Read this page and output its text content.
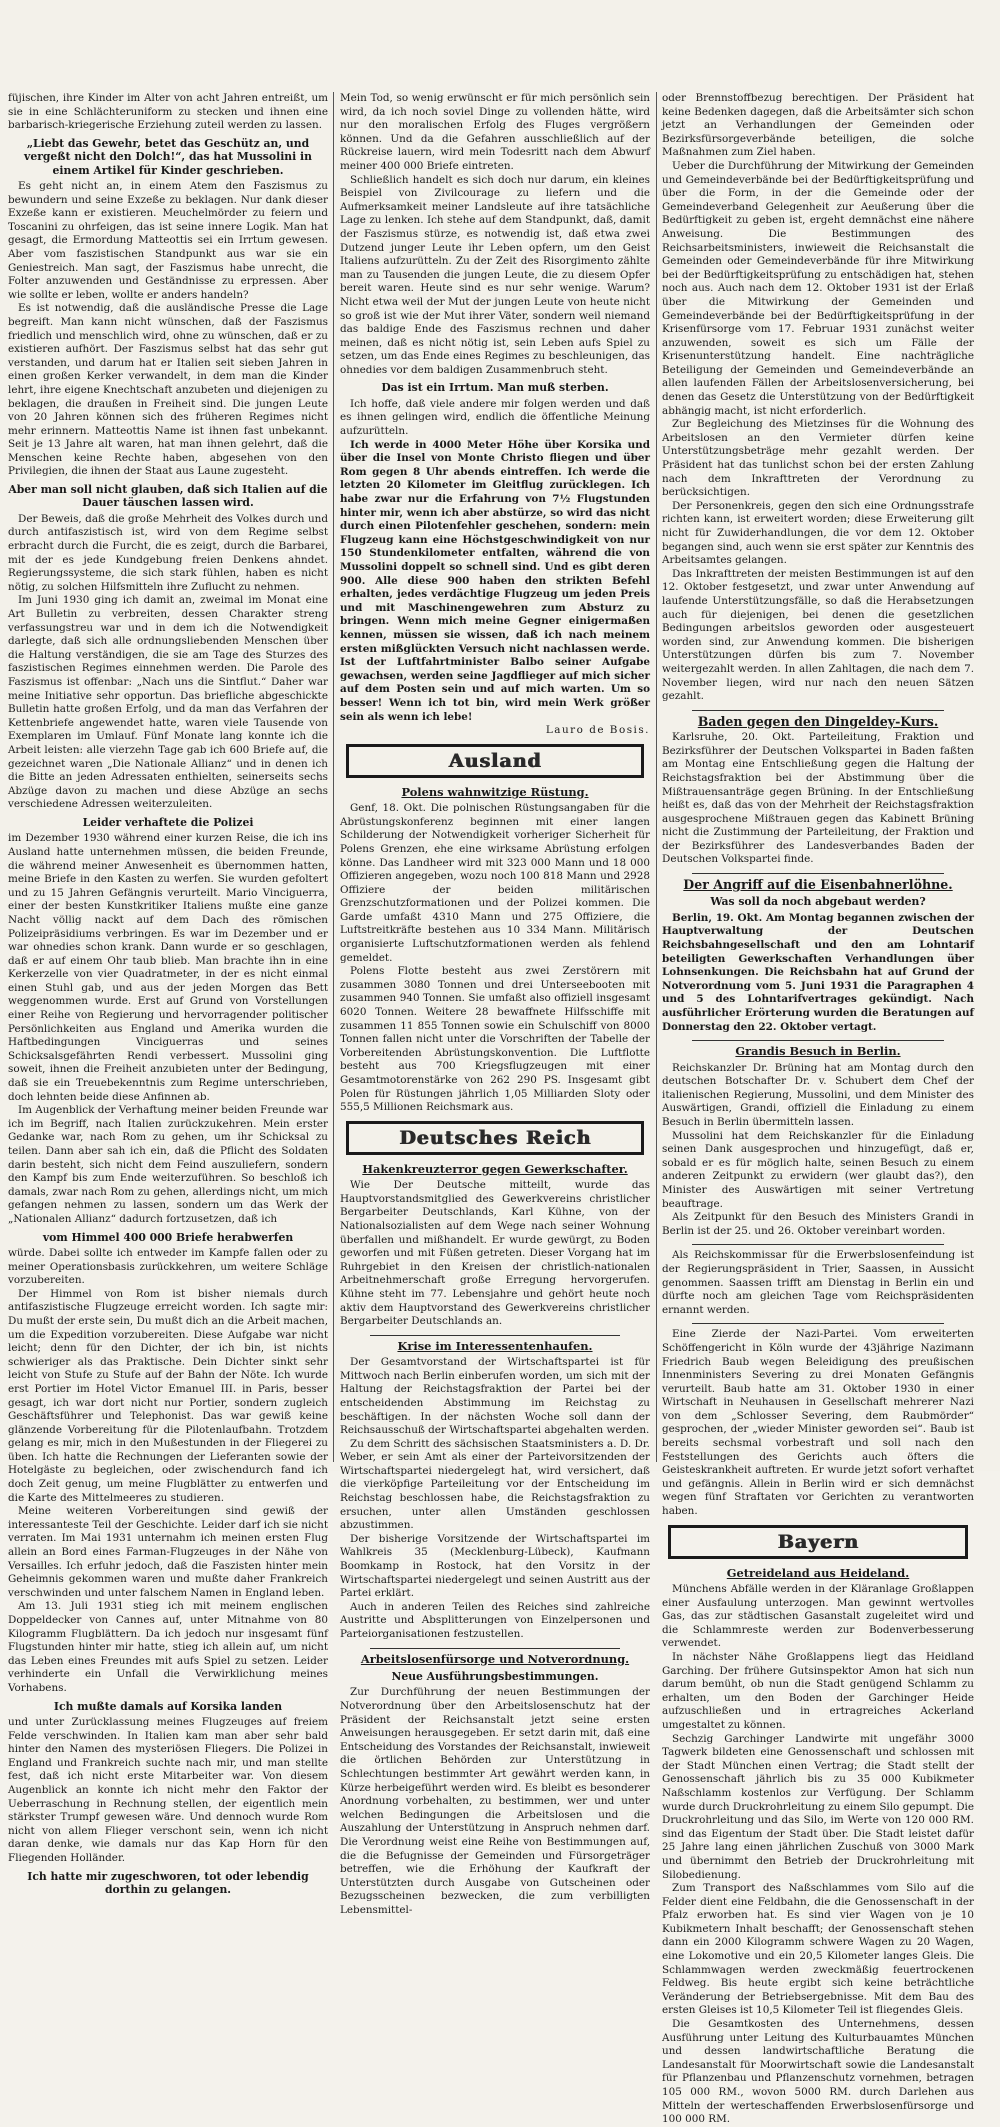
füjischen, ihre Kinder im Alter von acht Jahren entreißt, um sie in eine Schlächteruniform zu stecken und ihnen eine barbarisch-kriegerische Erziehung zuteil werden zu lassen.

„Liebt das Gewehr, betet das Geschütz an, und vergeßt nicht den Dolch!“, das hat Mussolini in einem Artikel für Kinder geschrieben.

Es geht nicht an, in einem Atem den Faszismus zu bewundern und seine Exzeße zu beklagen. Nur dank dieser Exzeße kann er existieren. Meuchelmörder zu feiern und Toscanini zu ohrfeigen, das ist seine innere Logik. Man hat gesagt, die Ermordung Matteottis sei ein Irrtum gewesen. Aber vom faszistischen Standpunkt aus war sie ein Geniestreich. Man sagt, der Faszismus habe unrecht, die Folter anzuwenden und Geständnisse zu erpressen. Aber wie sollte er leben, wollte er anders handeln?

Es ist notwendig, daß die ausländische Presse die Lage begreift. Man kann nicht wünschen, daß der Faszismus friedlich und menschlich wird, ohne zu wünschen, daß er zu existieren aufhört. Der Faszismus selbst hat das sehr gut verstanden, und darum hat er Italien seit sieben Jahren in einen großen Kerker verwandelt, in dem man die Kinder lehrt, ihre eigene Knechtschaft anzubeten und diejenigen zu beklagen, die draußen in Freiheit sind. Die jungen Leute von 20 Jahren können sich des früheren Regimes nicht mehr erinnern. Matteottis Name ist ihnen fast unbekannt. Seit je 13 Jahre alt waren, hat man ihnen gelehrt, daß die Menschen keine Rechte haben, abgesehen von den Privilegien, die ihnen der Staat aus Laune zugesteht.

Aber man soll nicht glauben, daß sich Italien auf die Dauer täuschen lassen wird.

Der Beweis, daß die große Mehrheit des Volkes durch und durch antifaszistisch ist, wird von dem Regime selbst erbracht durch die Furcht, die es zeigt, durch die Barbarei, mit der es jede Kundgebung freien Denkens ahndet. Regierungssysteme, die sich stark fühlen, haben es nicht nötig, zu solchen Hilfsmitteln ihre Zuflucht zu nehmen.

Im Juni 1930 ging ich damit an, zweimal im Monat eine Art Bulletin zu verbreiten, dessen Charakter streng verfassungstreu war und in dem ich die Notwendigkeit darlegte, daß sich alle ordnungsliebenden Menschen über die Haltung verständigen, die sie am Tage des Sturzes des faszistischen Regimes einnehmen werden. Die Parole des Faszismus ist offenbar: „Nach uns die Sintflut.“ Daher war meine Initiative sehr opportun. Das briefliche abgeschickte Bulletin hatte großen Erfolg, und da man das Verfahren der Kettenbriefe angewendet hatte, waren viele Tausende von Exemplaren im Umlauf. Fünf Monate lang konnte ich die Arbeit leisten: alle vierzehn Tage gab ich 600 Briefe auf, die gezeichnet waren „Die Nationale Allianz“ und in denen ich die Bitte an jeden Adressaten enthielten, seinerseits sechs Abzüge davon zu machen und diese Abzüge an sechs verschiedene Adressen weiterzuleiten.

Leider verhaftete die Polizei

im Dezember 1930 während einer kurzen Reise, die ich ins Ausland hatte unternehmen müssen, die beiden Freunde, die während meiner Anwesenheit es übernommen hatten, meine Briefe in den Kasten zu werfen. Sie wurden gefoltert und zu 15 Jahren Gefängnis verurteilt. Mario Vinciguerra, einer der besten Kunstkritiker Italiens mußte eine ganze Nacht völlig nackt auf dem Dach des römischen Polizeipräsidiums verbringen. Es war im Dezember und er war ohnedies schon krank. Dann wurde er so geschlagen, daß er auf einem Ohr taub blieb. Man brachte ihn in eine Kerkerzelle von vier Quadratmeter, in der es nicht einmal einen Stuhl gab, und aus der jeden Morgen das Bett weggenommen wurde. Erst auf Grund von Vorstellungen einer Reihe von Regierung und hervorragender politischer Persönlichkeiten aus England und Amerika wurden die Haftbedingungen Vinciguerras und seines Schicksalsgefährten Rendi verbessert. Mussolini ging soweit, ihnen die Freiheit anzubieten unter der Bedingung, daß sie ein Treuebekenntnis zum Regime unterschrieben, doch lehnten beide diese Anfinnen ab.

Im Augenblick der Verhaftung meiner beiden Freunde war ich im Begriff, nach Italien zurückzukehren. Mein erster Gedanke war, nach Rom zu gehen, um ihr Schicksal zu teilen. Dann aber sah ich ein, daß die Pflicht des Soldaten darin besteht, sich nicht dem Feind auszuliefern, sondern den Kampf bis zum Ende weiterzuführen. So beschloß ich damals, zwar nach Rom zu gehen, allerdings nicht, um mich gefangen nehmen zu lassen, sondern um das Werk der „Nationalen Allianz“ dadurch fortzusetzen, daß ich

vom Himmel 400 000 Briefe herabwerfen

würde. Dabei sollte ich entweder im Kampfe fallen oder zu meiner Operationsbasis zurückkehren, um weitere Schläge vorzubereiten.

Der Himmel von Rom ist bisher niemals durch antifaszistische Flugzeuge erreicht worden. Ich sagte mir: Du mußt der erste sein, Du mußt dich an die Arbeit machen, um die Expedition vorzubereiten. Diese Aufgabe war nicht leicht; denn für den Dichter, der ich bin, ist nichts schwieriger als das Praktische. Dein Dichter sinkt sehr leicht von Stufe zu Stufe auf der Bahn der Nöte. Ich wurde erst Portier im Hotel Victor Emanuel III. in Paris, besser gesagt, ich war dort nicht nur Portier, sondern zugleich Geschäftsführer und Telephonist. Das war gewiß keine glänzende Vorbereitung für die Pilotenlaufbahn. Trotzdem gelang es mir, mich in den Mußestunden in der Fliegerei zu üben. Ich hatte die Rechnungen der Lieferanten sowie der Hotelgäste zu begleichen, oder zwischendurch fand ich doch Zeit genug, um meine Flugblätter zu entwerfen und die Karte des Mittelmeeres zu studieren.

Meine weiteren Vorbereitungen sind gewiß der interessanteste Teil der Geschichte. Leider darf ich sie nicht verraten. Im Mai 1931 unternahm ich meinen ersten Flug allein an Bord eines Farman-Flugzeuges in der Nähe von Versailles. Ich erfuhr jedoch, daß die Faszisten hinter mein Geheimnis gekommen waren und mußte daher Frankreich verschwinden und unter falschem Namen in England leben.

Am 13. Juli 1931 stieg ich mit meinem englischen Doppeldecker von Cannes auf, unter Mitnahme von 80 Kilogramm Flugblättern. Da ich jedoch nur insgesamt fünf Flugstunden hinter mir hatte, stieg ich allein auf, um nicht das Leben eines Freundes mit aufs Spiel zu setzen. Leider verhinderte ein Unfall die Verwirklichung meines Vorhabens.

Ich mußte damals auf Korsika landen

und unter Zurücklassung meines Flugzeuges auf freiem Felde verschwinden. In Italien kam man aber sehr bald hinter den Namen des mysteriösen Fliegers. Die Polizei in England und Frankreich suchte nach mir, und man stellte fest, daß ich nicht erste Mitarbeiter war. Von diesem Augenblick an konnte ich nicht mehr den Faktor der Ueberraschung in Rechnung stellen, der eigentlich mein stärkster Trumpf gewesen wäre. Und dennoch wurde Rom nicht von allem Flieger verschont sein, wenn ich nicht daran denke, wie damals nur das Kap Horn für den Fliegenden Holländer.

Ich hatte mir zugeschworen, tot oder lebendig dorthin zu gelangen.

Mein Tod, so wenig erwünscht er für mich persönlich sein wird, da ich noch soviel Dinge zu vollenden hätte, wird nur den moralischen Erfolg des Fluges vergrößern können. Und da die Gefahren ausschließlich auf der Rückreise lauern, wird mein Todesritt nach dem Abwurf meiner 400 000 Briefe eintreten.

Schließlich handelt es sich doch nur darum, ein kleines Beispiel von Zivilcourage zu liefern und die Aufmerksamkeit meiner Landsleute auf ihre tatsächliche Lage zu lenken. Ich stehe auf dem Standpunkt, daß, damit der Faszismus stürze, es notwendig ist, daß etwa zwei Dutzend junger Leute ihr Leben opfern, um den Geist Italiens aufzurütteln. Zu der Zeit des Risorgimento zählte man zu Tausenden die jungen Leute, die zu diesem Opfer bereit waren. Heute sind es nur sehr wenige. Warum? Nicht etwa weil der Mut der jungen Leute von heute nicht so groß ist wie der Mut ihrer Väter, sondern weil niemand das baldige Ende des Faszismus rechnen und daher meinen, daß es nicht nötig ist, sein Leben aufs Spiel zu setzen, um das Ende eines Regimes zu beschleunigen, das ohnedies vor dem baldigen Zusammenbruch steht.

Das ist ein Irrtum. Man muß sterben.

Ich hoffe, daß viele andere mir folgen werden und daß es ihnen gelingen wird, endlich die öffentliche Meinung aufzurütteln.

Ich werde in 4000 Meter Höhe über Korsika und über die Insel von Monte Christo fliegen und über Rom gegen 8 Uhr abends eintreffen. Ich werde die letzten 20 Kilometer im Gleitflug zurücklegen. Ich habe zwar nur die Erfahrung von 7½ Flugstunden hinter mir, wenn ich aber abstürze, so wird das nicht durch einen Pilotenfehler geschehen, sondern: mein Flugzeug kann eine Höchstgeschwindigkeit von nur 150 Stundenkilometer entfalten, während die von Mussolini doppelt so schnell sind. Und es gibt deren 900. Alle diese 900 haben den strikten Befehl erhalten, jedes verdächtige Flugzeug um jeden Preis und mit Maschinengewehren zum Absturz zu bringen. Wenn mich meine Gegner einigermaßen kennen, müssen sie wissen, daß ich nach meinem ersten mißglückten Versuch nicht nachlassen werde. Ist der Luftfahrtminister Balbo seiner Aufgabe gewachsen, werden seine Jagdflieger auf mich sicher auf dem Posten sein und auf mich warten. Um so besser! Wenn ich tot bin, wird mein Werk größer sein als wenn ich lebe!

Lauro de Bosis.
Ausland
Polens wahnwitzige Rüstung.

Genf, 18. Okt. Die polnischen Rüstungsangaben für die Abrüstungskonferenz beginnen mit einer langen Schilderung der Notwendigkeit vorheriger Sicherheit für Polens Grenzen, ehe eine wirksame Abrüstung erfolgen könne. Das Landheer wird mit 323 000 Mann und 18 000 Offizieren angegeben, wozu noch 100 818 Mann und 2928 Offiziere der beiden militärischen Grenzschutzformationen und der Polizei kommen. Die Garde umfaßt 4310 Mann und 275 Offiziere, die Luftstreitkräfte bestehen aus 10 334 Mann. Militärisch organisierte Luftschutzformationen werden als fehlend gemeldet.

Polens Flotte besteht aus zwei Zerstörern mit zusammen 3080 Tonnen und drei Unterseebooten mit zusammen 940 Tonnen. Sie umfaßt also offiziell insgesamt 6020 Tonnen. Weitere 28 bewaffnete Hilfsschiffe mit zusammen 11 855 Tonnen sowie ein Schulschiff von 8000 Tonnen fallen nicht unter die Vorschriften der Tabelle der Vorbereitenden Abrüstungskonvention. Die Luftflotte besteht aus 700 Kriegsflugzeugen mit einer Gesamtmotorenstärke von 262 290 PS. Insgesamt gibt Polen für Rüstungen jährlich 1,05 Milliarden Sloty oder 555,5 Millionen Reichsmark aus.

Deutsches Reich
Hakenkreuzterror gegen Gewerkschafter.

Wie Der Deutsche mitteilt, wurde das Hauptvorstandsmitglied des Gewerkvereins christlicher Bergarbeiter Deutschlands, Karl Kühne, von der Nationalsozialisten auf dem Wege nach seiner Wohnung überfallen und mißhandelt. Er wurde gewürgt, zu Boden geworfen und mit Füßen getreten. Dieser Vorgang hat im Ruhrgebiet in den Kreisen der christlich-nationalen Arbeitnehmerschaft große Erregung hervorgerufen. Kühne steht im 77. Lebensjahre und gehört heute noch aktiv dem Hauptvorstand des Gewerkvereins christlicher Bergarbeiter Deutschlands an.

Krise im Interessentenhaufen.

Der Gesamtvorstand der Wirtschaftspartei ist für Mittwoch nach Berlin einberufen worden, um sich mit der Haltung der Reichstagsfraktion der Partei bei der entscheidenden Abstimmung im Reichstag zu beschäftigen. In der nächsten Woche soll dann der Reichsausschuß der Wirtschaftspartei abgehalten werden.

Zu dem Schritt des sächsischen Staatsministers a. D. Dr. Weber, er sein Amt als einer der Parteivorsitzenden der Wirtschaftspartei niedergelegt hat, wird versichert, daß die vierköpfige Parteileitung vor der Entscheidung im Reichstag beschlossen habe, die Reichstagsfraktion zu ersuchen, unter allen Umständen geschlossen abzustimmen.

Der bisherige Vorsitzende der Wirtschaftspartei im Wahlkreis 35 (Mecklenburg-Lübeck), Kaufmann Boomkamp in Rostock, hat den Vorsitz in der Wirtschaftspartei niedergelegt und seinen Austritt aus der Partei erklärt.

Auch in anderen Teilen des Reiches sind zahlreiche Austritte und Absplitterungen von Einzelpersonen und Parteiorganisationen festzustellen.

Arbeitslosenfürsorge und Notverordnung.
Neue Ausführungsbestimmungen.

Zur Durchführung der neuen Bestimmungen der Notverordnung über den Arbeitslosenschutz hat der Präsident der Reichsanstalt jetzt seine ersten Anweisungen herausgegeben. Er setzt darin mit, daß eine Entscheidung des Vorstandes der Reichsanstalt, inwieweit die örtlichen Behörden zur Unterstützung in Schlechtungen bestimmter Art gewährt werden kann, in Kürze herbeigeführt werden wird. Es bleibt es besonderer Anordnung vorbehalten, zu bestimmen, wer und unter welchen Bedingungen die Arbeitslosen und die Auszahlung der Unterstützung in Anspruch nehmen darf. Die Verordnung weist eine Reihe von Bestimmungen auf, die die Befugnisse der Gemeinden und Fürsorgeträger betreffen, wie die Erhöhung der Kaufkraft der Unterstützten durch Ausgabe von Gutscheinen oder Bezugsscheinen bezwecken, die zum verbilligten Lebensmittel-

oder Brennstoffbezug berechtigen. Der Präsident hat keine Bedenken dagegen, daß die Arbeitsämter sich schon jetzt an Verhandlungen der Gemeinden oder Bezirksfürsorgeverbände beteiligen, die solche Maßnahmen zum Ziel haben.

Ueber die Durchführung der Mitwirkung der Gemeinden und Gemeindeverbände bei der Bedürftigkeitsprüfung und über die Form, in der die Gemeinde oder der Gemeindeverband Gelegenheit zur Aeußerung über die Bedürftigkeit zu geben ist, ergeht demnächst eine nähere Anweisung. Die Bestimmungen des Reichsarbeitsministers, inwieweit die Reichsanstalt die Gemeinden oder Gemeindeverbände für ihre Mitwirkung bei der Bedürftigkeitsprüfung zu entschädigen hat, stehen noch aus. Auch nach dem 12. Oktober 1931 ist der Erlaß über die Mitwirkung der Gemeinden und Gemeindeverbände bei der Bedürftigkeitsprüfung in der Krisenfürsorge vom 17. Februar 1931 zunächst weiter anzuwenden, soweit es sich um Fälle der Krisenunterstützung handelt. Eine nachträgliche Beteiligung der Gemeinden und Gemeindeverbände an allen laufenden Fällen der Arbeitslosenversicherung, bei denen das Gesetz die Unterstützung von der Bedürftigkeit abhängig macht, ist nicht erforderlich.

Zur Begleichung des Mietzinses für die Wohnung des Arbeitslosen an den Vermieter dürfen keine Unterstützungsbeträge mehr gezahlt werden. Der Präsident hat das tunlichst schon bei der ersten Zahlung nach dem Inkrafttreten der Verordnung zu berücksichtigen.

Der Personenkreis, gegen den sich eine Ordnungsstrafe richten kann, ist erweitert worden; diese Erweiterung gilt nicht für Zuwiderhandlungen, die vor dem 12. Oktober begangen sind, auch wenn sie erst später zur Kenntnis des Arbeitsamtes gelangen.

Das Inkrafttreten der meisten Bestimmungen ist auf den 12. Oktober festgesetzt, und zwar unter Anwendung auf laufende Unterstützungsfälle, so daß die Herabsetzungen auch für diejenigen, bei denen die gesetzlichen Bedingungen arbeitslos geworden oder ausgesteuert worden sind, zur Anwendung kommen. Die bisherigen Unterstützungen dürfen bis zum 7. November weitergezahlt werden. In allen Zahltagen, die nach dem 7. November liegen, wird nur nach den neuen Sätzen gezahlt.

Baden gegen den Dingeldey-Kurs.

Karlsruhe, 20. Okt. Parteileitung, Fraktion und Bezirksführer der Deutschen Volkspartei in Baden faßten am Montag eine Entschließung gegen die Haltung der Reichstagsfraktion bei der Abstimmung über die Mißtrauensanträge gegen Brüning. In der Entschließung heißt es, daß das von der Mehrheit der Reichstagsfraktion ausgesprochene Mißtrauen gegen das Kabinett Brüning nicht die Zustimmung der Parteileitung, der Fraktion und der Bezirksführer des Landesverbandes Baden der Deutschen Volkspartei finde.

Der Angriff auf die Eisenbahnerlöhne.
Was soll da noch abgebaut werden?

Berlin, 19. Okt. Am Montag begannen zwischen der Hauptverwaltung der Deutschen Reichsbahngesellschaft und den am Lohntarif beteiligten Gewerkschaften Verhandlungen über Lohnsenkungen. Die Reichsbahn hat auf Grund der Notverordnung vom 5. Juni 1931 die Paragraphen 4 und 5 des Lohntarifvertrages gekündigt. Nach ausführlicher Erörterung wurden die Beratungen auf Donnerstag den 22. Oktober vertagt.

Grandis Besuch in Berlin.

Reichskanzler Dr. Brüning hat am Montag durch den deutschen Botschafter Dr. v. Schubert dem Chef der italienischen Regierung, Mussolini, und dem Minister des Auswärtigen, Grandi, offiziell die Einladung zu einem Besuch in Berlin übermitteln lassen.

Mussolini hat dem Reichskanzler für die Einladung seinen Dank ausgesprochen und hinzugefügt, daß er, sobald er es für möglich halte, seinen Besuch zu einem anderen Zeitpunkt zu erwidern (wer glaubt das?), den Minister des Auswärtigen mit seiner Vertretung beauftrage.

Als Zeitpunkt für den Besuch des Ministers Grandi in Berlin ist der 25. und 26. Oktober vereinbart worden.

Als Reichskommissar für die Erwerbslosenfeindung ist der Regierungspräsident in Trier, Saassen, in Aussicht genommen. Saassen trifft am Dienstag in Berlin ein und dürfte noch am gleichen Tage vom Reichspräsidenten ernannt werden.

Eine Zierde der Nazi-Partei. Vom erweiterten Schöffengericht in Köln wurde der 43jährige Nazimann Friedrich Baub wegen Beleidigung des preußischen Innenministers Severing zu drei Monaten Gefängnis verurteilt. Baub hatte am 31. Oktober 1930 in einer Wirtschaft in Neuhausen in Gesellschaft mehrerer Nazi von dem „Schlosser Severing, dem Raubmörder“ gesprochen, der „wieder Minister geworden sei“. Baub ist bereits sechsmal vorbestraft und soll nach den Feststellungen des Gerichts auch öfters die Geisteskrankheit auftreten. Er wurde jetzt sofort verhaftet und gefängnis. Allein in Berlin wird er sich demnächst wegen fünf Straftaten vor Gerichten zu verantworten haben.

Bayern
Getreideland aus Heideland.

Münchens Abfälle werden in der Kläranlage Großlappen einer Ausfaulung unterzogen. Man gewinnt wertvolles Gas, das zur städtischen Gasanstalt zugeleitet wird und die Schlammreste werden zur Bodenverbesserung verwendet.

In nächster Nähe Großlappens liegt das Heidland Garching. Der frühere Gutsinspektor Amon hat sich nun darum bemüht, ob nun die Stadt genügend Schlamm zu erhalten, um den Boden der Garchinger Heide aufzuschließen und in ertragreiches Ackerland umgestaltet zu können.

Sechzig Garchinger Landwirte mit ungefähr 3000 Tagwerk bildeten eine Genossenschaft und schlossen mit der Stadt München einen Vertrag; die Stadt stellt der Genossenschaft jährlich bis zu 35 000 Kubikmeter Naßschlamm kostenlos zur Verfügung. Der Schlamm wurde durch Druckrohrleitung zu einem Silo gepumpt. Die Druckrohrleitung und das Silo, im Werte von 120 000 RM. sind das Eigentum der Stadt über. Die Stadt leistet dafür 25 Jahre lang einen jährlichen Zuschuß von 3000 Mark und übernimmt den Betrieb der Druckrohrleitung mit Silobedienung.

Zum Transport des Naßschlammes vom Silo auf die Felder dient eine Feldbahn, die die Genossenschaft in der Pfalz erworben hat. Es sind vier Wagen von je 10 Kubikmetern Inhalt beschafft; der Genossenschaft stehen dann ein 2000 Kilogramm schwere Wagen zu 20 Wagen, eine Lokomotive und ein 20,5 Kilometer langes Gleis. Die Schlammwagen werden zweckmäßig feuertrockenen Feldweg. Bis heute ergibt sich keine beträchtliche Veränderung der Betriebsergebnisse. Mit dem Bau des ersten Gleises ist 10,5 Kilometer Teil ist fliegendes Gleis.

Die Gesamtkosten des Unternehmens, dessen Ausführung unter Leitung des Kulturbauamtes München und dessen landwirtschaftliche Beratung die Landesanstalt für Moorwirtschaft sowie die Landesanstalt für Pflanzenbau und Pflanzenschutz vornehmen, betragen 105 000 RM., wovon 5000 RM. durch Darlehen aus Mitteln der werteschaffenden Erwerbslosenfürsorge und 100 000 RM.
